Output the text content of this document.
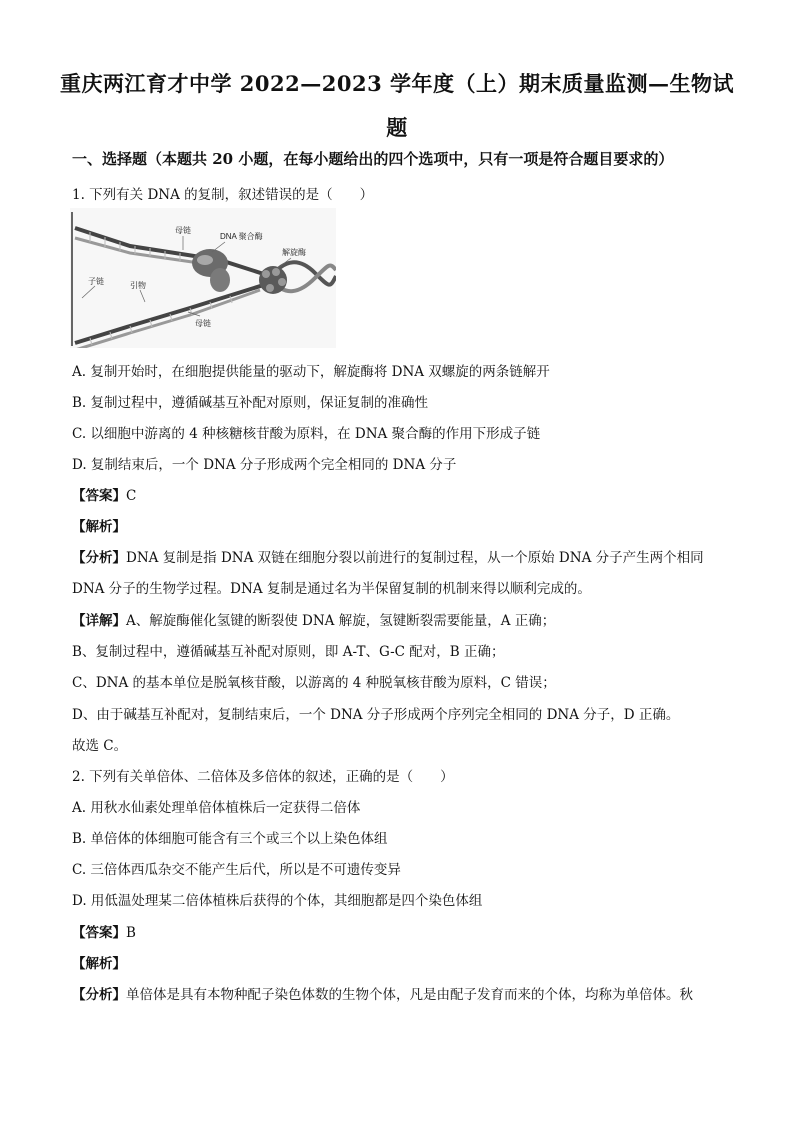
重庆两江育才中学 2022—2023 学年度（上）期末质量监测—生物试
题
一、选择题（本题共 20 小题，在每小题给出的四个选项中，只有一项是符合题目要求的）
1. 下列有关 DNA 的复制，叙述错误的是（　　）
母链
DNA 聚合酶
解旋酶
子链	引物
母链
A. 复制开始时，在细胞提供能量的驱动下，解旋酶将 DNA 双螺旋的两条链解开
B. 复制过程中，遵循碱基互补配对原则，保证复制的准确性
C. 以细胞中游离的 4 种核糖核苷酸为原料，在 DNA 聚合酶的作用下形成子链
D. 复制结束后，一个 DNA 分子形成两个完全相同的 DNA 分子
【答案】C
【解析】
【分析】DNA 复制是指 DNA 双链在细胞分裂以前进行的复制过程，从一个原始 DNA 分子产生两个相同
DNA 分子的生物学过程。DNA 复制是通过名为半保留复制的机制来得以顺利完成的。
【详解】A、解旋酶催化氢键的断裂使 DNA 解旋，氢键断裂需要能量，A 正确；
B、复制过程中，遵循碱基互补配对原则，即 A-T、G-C 配对，B 正确；
C、DNA 的基本单位是脱氧核苷酸，以游离的 4 种脱氧核苷酸为原料，C 错误；
D、由于碱基互补配对，复制结束后，一个 DNA 分子形成两个序列完全相同的 DNA 分子，D 正确。
故选 C。
2. 下列有关单倍体、二倍体及多倍体的叙述，正确的是（　　）
A. 用秋水仙素处理单倍体植株后一定获得二倍体
B. 单倍体的体细胞可能含有三个或三个以上染色体组
C. 三倍体西瓜杂交不能产生后代，所以是不可遗传变异
D. 用低温处理某二倍体植株后获得的个体，其细胞都是四个染色体组
【答案】B
【解析】
【分析】单倍体是具有本物种配子染色体数的生物个体，凡是由配子发育而来的个体，均称为单倍体。秋
